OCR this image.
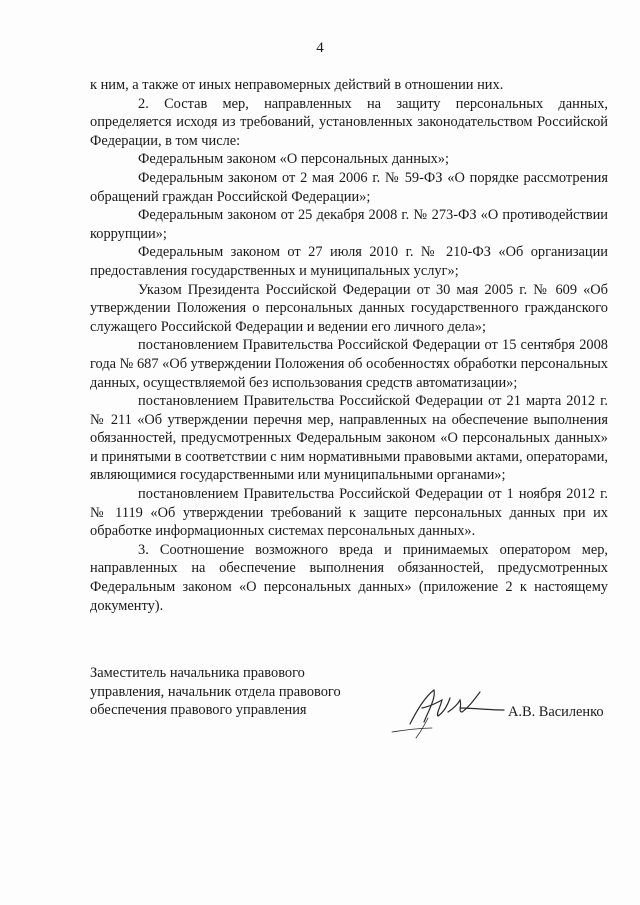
4

к ним, а также от иных неправомерных действий в отношении них.

2. Состав мер, направленных на защиту персональных данных, определяется исходя из требований, установленных законодательством Российской Федерации, в том числе:

Федеральным законом «О персональных данных»;

Федеральным законом от 2 мая 2006 г. № 59-ФЗ «О порядке рассмотрения обращений граждан Российской Федерации»;

Федеральным законом от 25 декабря 2008 г. № 273-ФЗ «О противодействии коррупции»;

Федеральным законом от 27 июля 2010 г. № 210-ФЗ «Об организации предоставления государственных и муниципальных услуг»;

Указом Президента Российской Федерации от 30 мая 2005 г. № 609 «Об утверждении Положения о персональных данных государственного гражданского служащего Российской Федерации и ведении его личного дела»;

постановлением Правительства Российской Федерации от 15 сентября 2008 года № 687 «Об утверждении Положения об особенностях обработки персональных данных, осуществляемой без использования средств автоматизации»;

постановлением Правительства Российской Федерации от 21 марта 2012 г. № 211 «Об утверждении перечня мер, направленных на обеспечение выполнения обязанностей, предусмотренных Федеральным законом «О персональных данных» и принятыми в соответствии с ним нормативными правовыми актами, операторами, являющимися государственными или муниципальными органами»;

постановлением Правительства Российской Федерации от 1 ноября 2012 г. № 1119 «Об утверждении требований к защите персональных данных при их обработке информационных системах персональных данных».

3. Соотношение возможного вреда и принимаемых оператором мер, направленных на обеспечение выполнения обязанностей, предусмотренных Федеральным законом «О персональных данных» (приложение 2 к настоящему документу).

Заместитель начальника правового
управления, начальник отдела правового
обеспечения правового управления	А.В. Василенко
